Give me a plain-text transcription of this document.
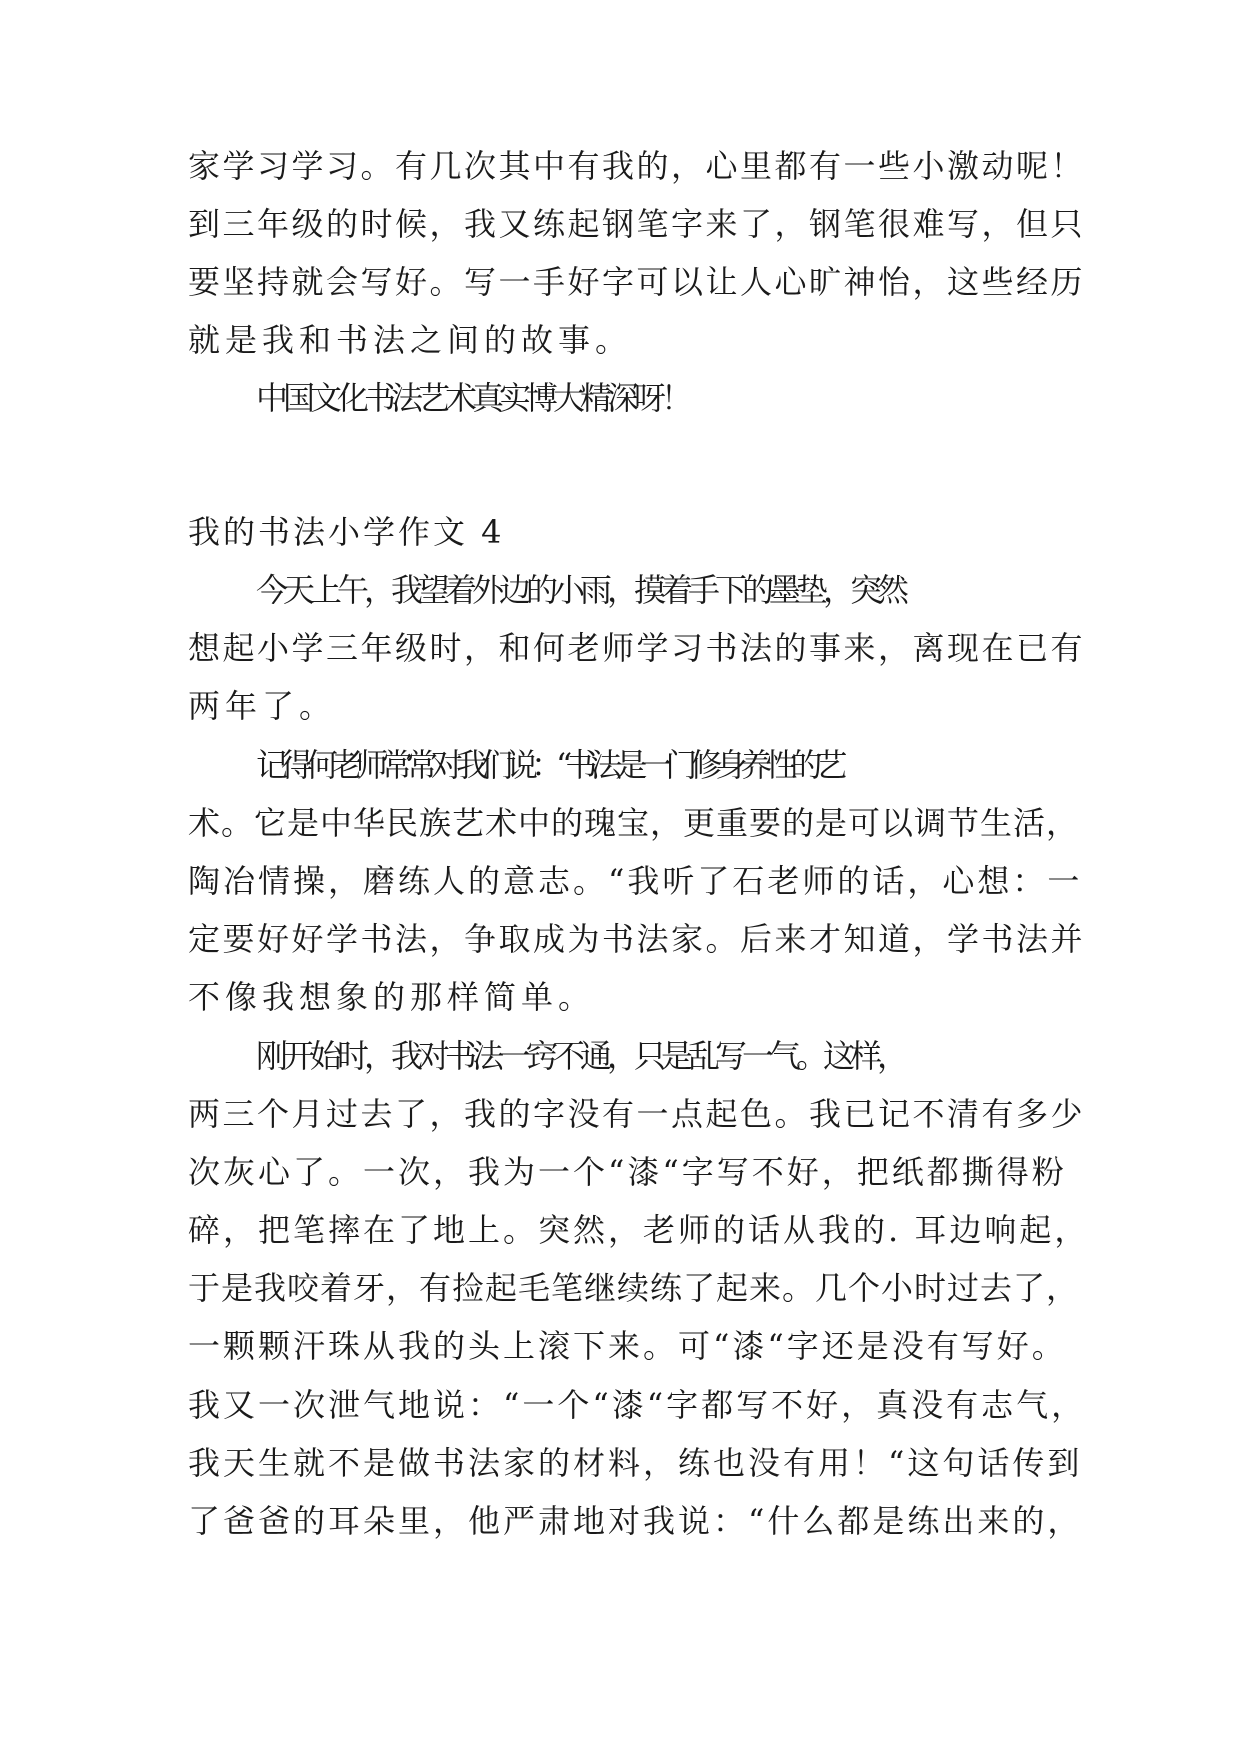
家学习学习。有几次其中有我的，心里都有一些小激动呢！
到三年级的时候，我又练起钢笔字来了，钢笔很难写，但只
要坚持就会写好。写一手好字可以让人心旷神怡，这些经历
就是我和书法之间的故事。
中国文化书法艺术真实博大精深呀！
我的书法小学作文 4
今天上午，我望着外边的小雨，摸着手下的墨垫，突然
想起小学三年级时，和何老师学习书法的事来，离现在已有
两年了。
记得何老师常常对我们说：“书法是一门修身养性的艺
术。它是中华民族艺术中的瑰宝，更重要的是可以调节生活，
陶冶情操，磨练人的意志。“我听了石老师的话，心想：一
定要好好学书法，争取成为书法家。后来才知道，学书法并
不像我想象的那样简单。
刚开始时，我对书法一窍不通，只是乱写一气。这样，
两三个月过去了，我的字没有一点起色。我已记不清有多少
次灰心了。一次，我为一个“漆“字写不好，把纸都撕得粉
碎，把笔摔在了地上。突然，老师的话从我的. 耳边响起，
于是我咬着牙，有捡起毛笔继续练了起来。几个小时过去了，
一颗颗汗珠从我的头上滚下来。可“漆“字还是没有写好。
我又一次泄气地说：“一个“漆“字都写不好，真没有志气，
我天生就不是做书法家的材料，练也没有用！“这句话传到
了爸爸的耳朵里，他严肃地对我说：“什么都是练出来的，
